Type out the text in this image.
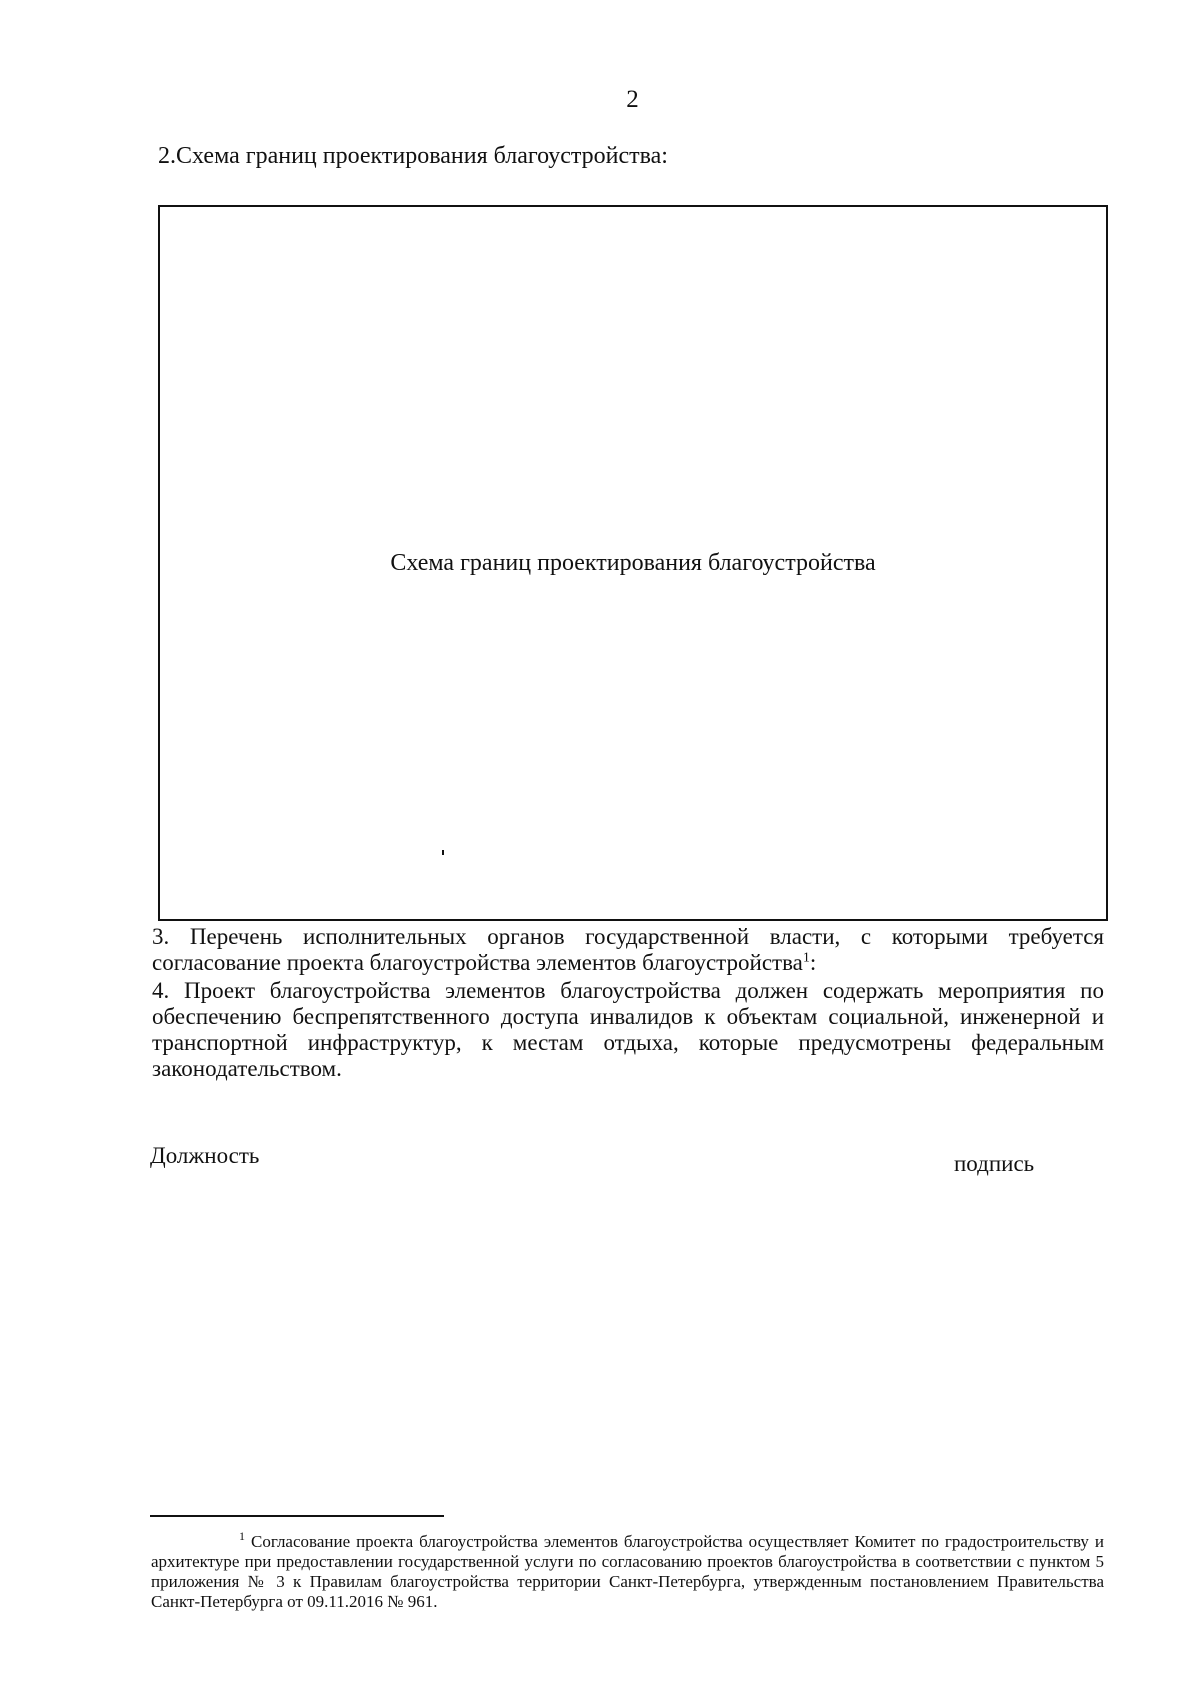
2
2.Схема границ проектирования благоустройства:
Схема границ проектирования благоустройства
3. Перечень исполнительных органов государственной власти, с которыми требуется согласование проекта благоустройства элементов благоустройства$^1$:
4. Проект благоустройства элементов благоустройства должен содержать мероприятия по обеспечению беспрепятственного доступа инвалидов к объектам социальной, инженерной и транспортной инфраструктур, к местам отдыха, которые предусмотрены федеральным законодательством.
Должность	подпись
$^1$ Согласование проекта благоустройства элементов благоустройства осуществляет Комитет по градостроительству и архитектуре при предоставлении государственной услуги по согласованию проектов благоустройства в соответствии с пунктом 5 приложения № 3 к Правилам благоустройства территории Санкт-Петербурга, утвержденным постановлением Правительства Санкт-Петербурга от 09.11.2016 № 961.
